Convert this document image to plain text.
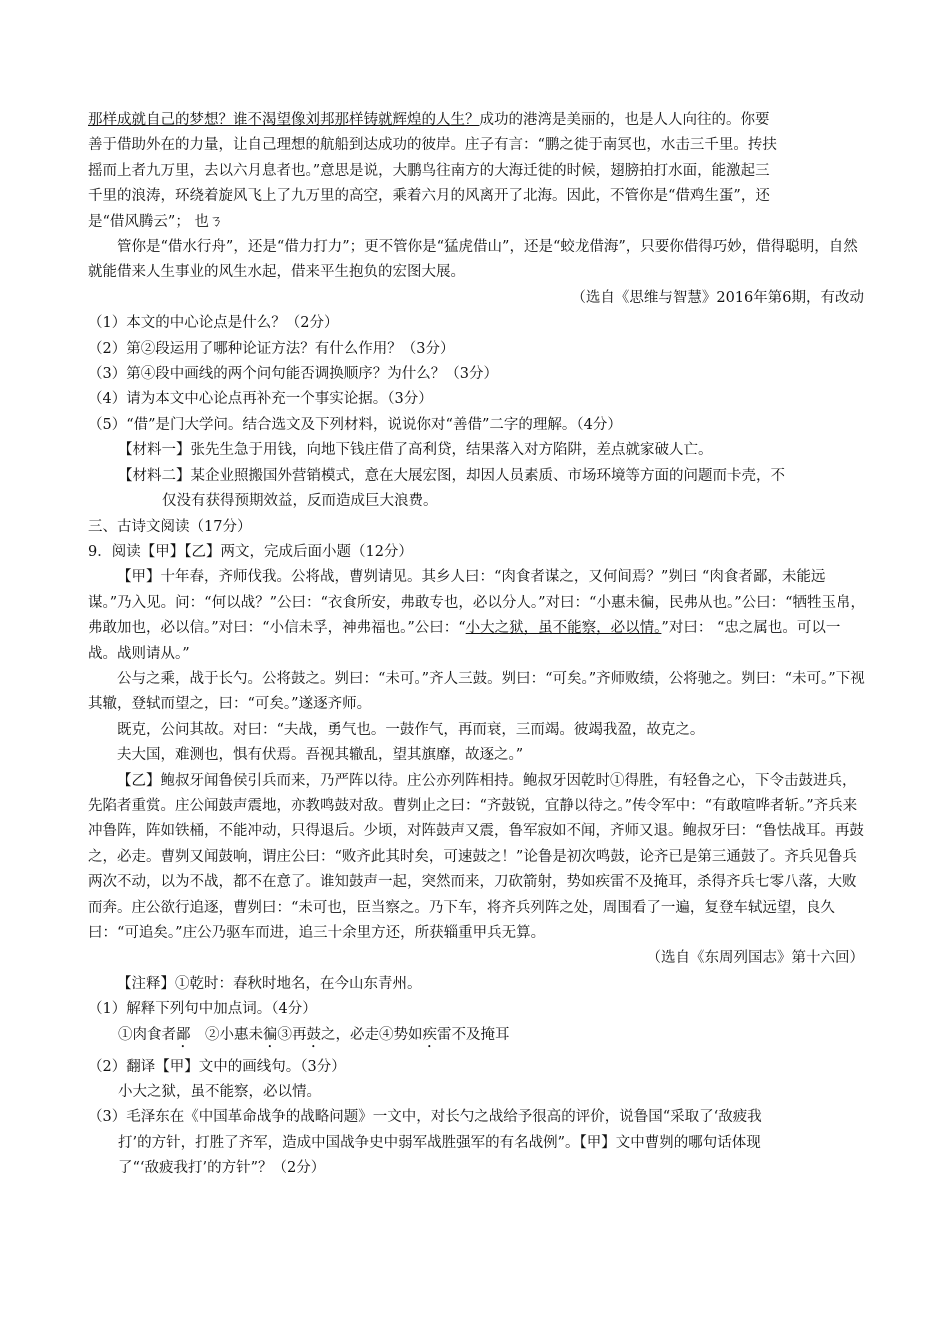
那样成就自己的梦想？谁不渴望像刘邦那样铸就辉煌的人生？成功的港湾是美丽的，也是人人向往的。你要

善于借助外在的力量，让自己理想的航船到达成功的彼岸。庄子有言：“鹏之徙于南冥也，水击三千里。抟扶

摇而上者九万里，去以六月息者也。”意思是说，大鹏鸟往南方的大海迁徙的时候，翅膀拍打水面，能激起三

千里的浪涛，环绕着旋风飞上了九万里的高空，乘着六月的风离开了北海。因此，不管你是“借鸡生蛋”，还

是“借风腾云”； 也ㄋ

管你是“借水行舟”，还是“借力打力”；更不管你是“猛虎借山”，还是“蛟龙借海”，只要你借得巧妙，借得聪明，自然就能借来人生事业的风生水起，借来平生抱负的宏图大展。

（选自《思维与智慧》2016年第6期，有改动

（1）本文的中心论点是什么？（2分）

（2）第②段运用了哪种论证方法？有什么作用？（3分）

（3）第④段中画线的两个问句能否调换顺序？为什么？（3分）

（4）请为本文中心论点再补充一个事实论据。（3分）

（5）“借”是门大学问。结合选文及下列材料，说说你对“善借”二字的理解。（4分）

【材料一】张先生急于用钱，向地下钱庄借了高利贷，结果落入对方陷阱，差点就家破人亡。

【材料二】某企业照搬国外营销模式，意在大展宏图，却因人员素质、市场环境等方面的问题而卡壳，不

仅没有获得预期效益，反而造成巨大浪费。

三、古诗文阅读（17分）

9．阅读【甲】【乙】两文，完成后面小题（12分）

【甲】十年春，齐师伐我。公将战，曹刿请见。其乡人曰：“肉食者谋之，又何间焉？”刿曰 “肉食者鄙，未能远谋。”乃入见。问：“何以战？”公曰：“衣食所安，弗敢专也，必以分人。”对曰：“小惠未徧，民弗从也。”公曰：“牺牲玉帛，弗敢加也，必以信。”对曰：“小信未孚，神弗福也。”公曰：“小大之狱，虽不能察，必以情。”对曰： “忠之属也。可以一战。战则请从。”

公与之乘，战于长勺。公将鼓之。刿曰：“未可。”齐人三鼓。刿曰：“可矣。”齐师败绩，公将驰之。刿曰：“未可。”下视其辙，登轼而望之，曰：“可矣。”遂逐齐师。

既克，公问其故。对曰：“夫战，勇气也。一鼓作气，再而衰，三而竭。彼竭我盈，故克之。

夫大国，难测也，惧有伏焉。吾视其辙乱，望其旗靡，故逐之。”

【乙】鲍叔牙闻鲁侯引兵而来，乃严阵以待。庄公亦列阵相持。鲍叔牙因乾时①得胜，有轻鲁之心，下令击鼓进兵，先陷者重赏。庄公闻鼓声震地，亦教鸣鼓对敌。曹刿止之曰：“齐鼓锐，宜静以待之。”传令军中：“有敢喧哗者斩。”齐兵来冲鲁阵，阵如铁桶，不能冲动，只得退后。少顷，对阵鼓声又震，鲁军寂如不闻，齐师又退。鲍叔牙曰：“鲁怯战耳。再鼓之，必走。曹刿又闻鼓响，谓庄公曰：“败齐此其时矣，可速鼓之！”论鲁是初次鸣鼓，论齐已是第三通鼓了。齐兵见鲁兵两次不动，以为不战，都不在意了。谁知鼓声一起，突然而来，刀砍箭射，势如疾雷不及掩耳，杀得齐兵七零八落，大败而奔。庄公欲行追逐，曹刿曰：“未可也，臣当察之。乃下车，将齐兵列阵之处，周围看了一遍，复登车轼远望，良久曰：“可追矣。”庄公乃驱车而进，追三十余里方还，所获辎重甲兵无算。

（选自《东周列国志》第十六回）

【注释】①乾时：春秋时地名，在今山东青州。

（1）解释下列句中加点词。（4分）

①肉食者鄙  ②小惠未徧③再鼓之，必走④势如疾雷不及掩耳

（2）翻译【甲】文中的画线句。（3分）

小大之狱，虽不能察，必以情。

（3）毛泽东在《中国革命战争的战略问题》一文中，对长勺之战给予很高的评价，说鲁国“采取了‘敌疲我

打’的方针，打胜了齐军，造成中国战争史中弱军战胜强军的有名战例”。【甲】文中曹刿的哪句话体现

了“‘敌疲我打’的方针”？（2分）
